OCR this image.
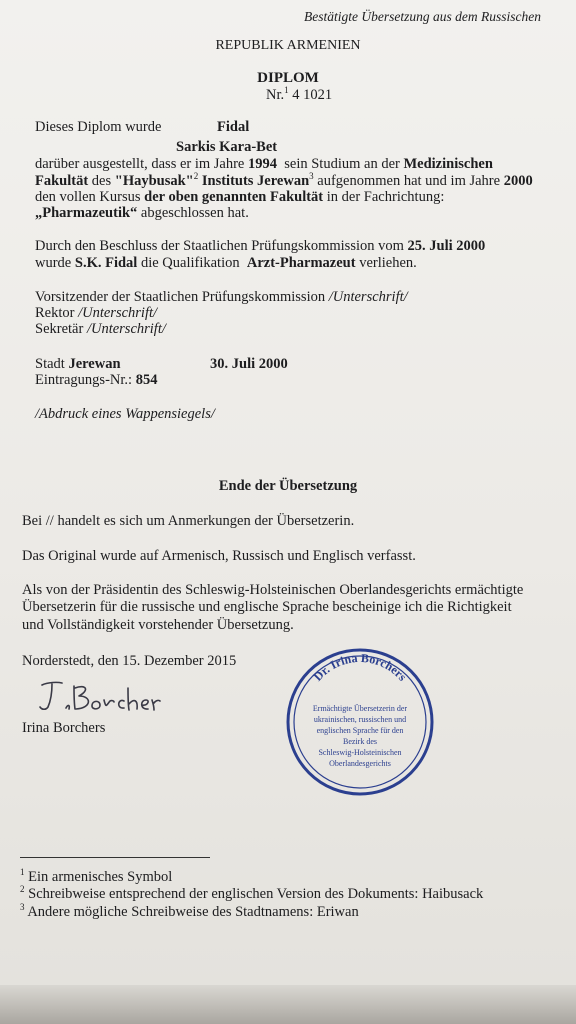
Bestätigte Übersetzung aus dem Russischen
REPUBLIK ARMENIEN
DIPLOM
Nr.$^1$ 4 1021
Dieses Diplom wurde	Fidal
Sarkis Kara-Bet
darüber ausgestellt, dass er im Jahre 1994 sein Studium an der Medizinischen
Fakultät des "Haybusak"$^2$ Instituts Jerewan$^3$ aufgenommen hat und im Jahre 2000
den vollen Kursus der oben genannten Fakultät in der Fachrichtung:
„Pharmazeutik“ abgeschlossen hat.
Durch den Beschluss der Staatlichen Prüfungskommission vom 25. Juli 2000
wurde S.K. Fidal die Qualifikation Arzt-Pharmazeut verliehen.
Vorsitzender der Staatlichen Prüfungskommission /Unterschrift/
Rektor /Unterschrift/
Sekretär /Unterschrift/
Stadt Jerewan	30. Juli 2000
Eintragungs-Nr.: 854
/Abdruck eines Wappensiegels/
Ende der Übersetzung
Bei // handelt es sich um Anmerkungen der Übersetzerin.
Das Original wurde auf Armenisch, Russisch und Englisch verfasst.
Als von der Präsidentin des Schleswig-Holsteinischen Oberlandesgerichts ermächtigte
Übersetzerin für die russische und englische Sprache bescheinige ich die Richtigkeit
und Vollständigkeit vorstehender Übersetzung.
Norderstedt, den 15. Dezember 2015
Irina Borchers
Dr. Irina Borchers
Ermächtigte Übersetzerin der
ukrainischen, russischen und
englischen Sprache für den
Bezirk des
Schleswig-Holsteinischen
Oberlandesgerichts
$^1$ Ein armenisches Symbol
$^2$ Schreibweise entsprechend der englischen Version des Dokuments: Haibusack
$^3$ Andere mögliche Schreibweise des Stadtnamens: Eriwan
